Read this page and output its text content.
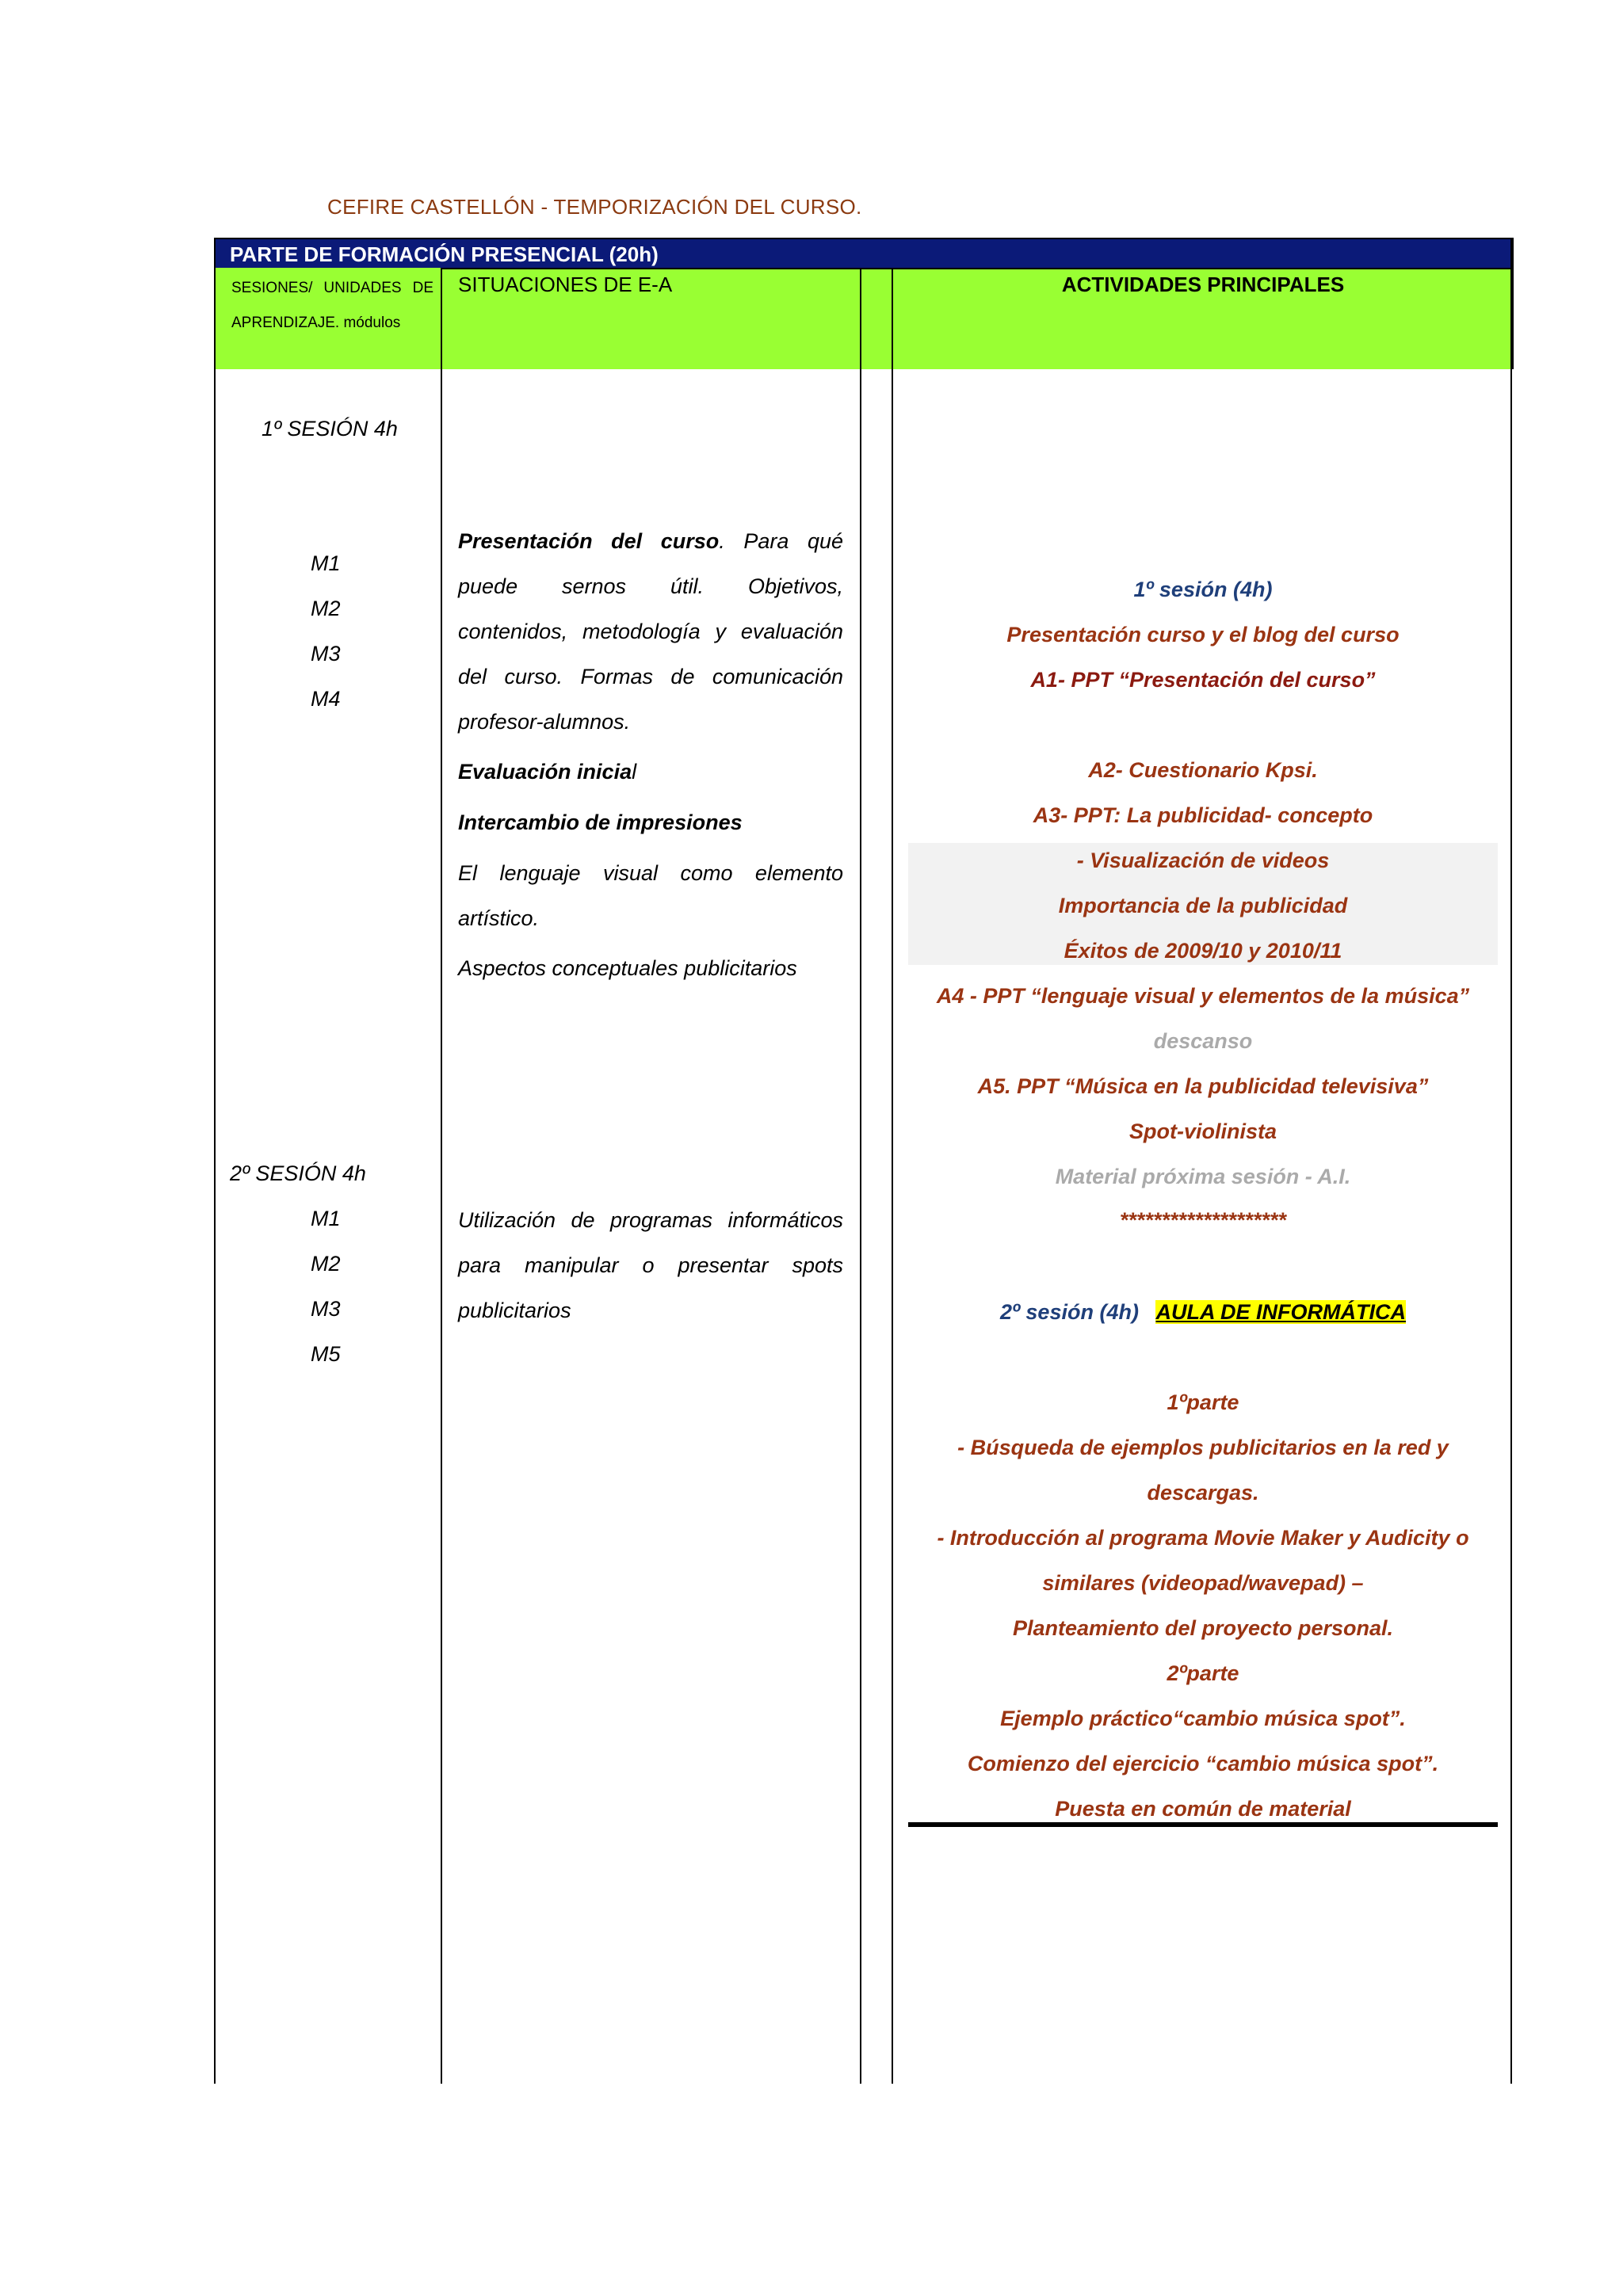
CEFIRE CASTELLÓN - TEMPORIZACIÓN DEL CURSO.
PARTE DE FORMACIÓN PRESENCIAL (20h)
SESIONES/ UNIDADES DE APRENDIZAJE. módulos
SITUACIONES DE E-A	ACTIVIDADES PRINCIPALES
1º SESIÓN 4h
M1
M2
M3
M4
2º SESIÓN 4h
M1
M2
M3
M5
Presentación del curso. Para qué puede sernos útil. Objetivos, contenidos, metodología y evaluación del curso. Formas de comunicación profesor-alumnos.
Evaluación inicial
Intercambio de impresiones
El lenguaje visual como elemento artístico.
Aspectos conceptuales publicitarios
Utilización de programas informáticos para manipular o presentar spots publicitarios
1º sesión (4h)
Presentación curso y el blog del curso
A1- PPT “Presentación del curso”
A2- Cuestionario Kpsi.
A3- PPT: La publicidad- concepto
- Visualización de videos
Importancia de la publicidad
Éxitos de 2009/10 y 2010/11
A4 - PPT “lenguaje visual y elementos de la música”
descanso
A5. PPT “Música en la publicidad televisiva”
Spot-violinista
Material próxima sesión - A.I.
********************
2º sesión (4h) AULA DE INFORMÁTICA
1ºparte
- Búsqueda de ejemplos publicitarios en la red y
descargas.
- Introducción al programa Movie Maker y Audicity o
similares (videopad/wavepad) –
Planteamiento del proyecto personal.
2ºparte
Ejemplo práctico“cambio música spot”.
Comienzo del ejercicio “cambio música spot”.
Puesta en común de material
